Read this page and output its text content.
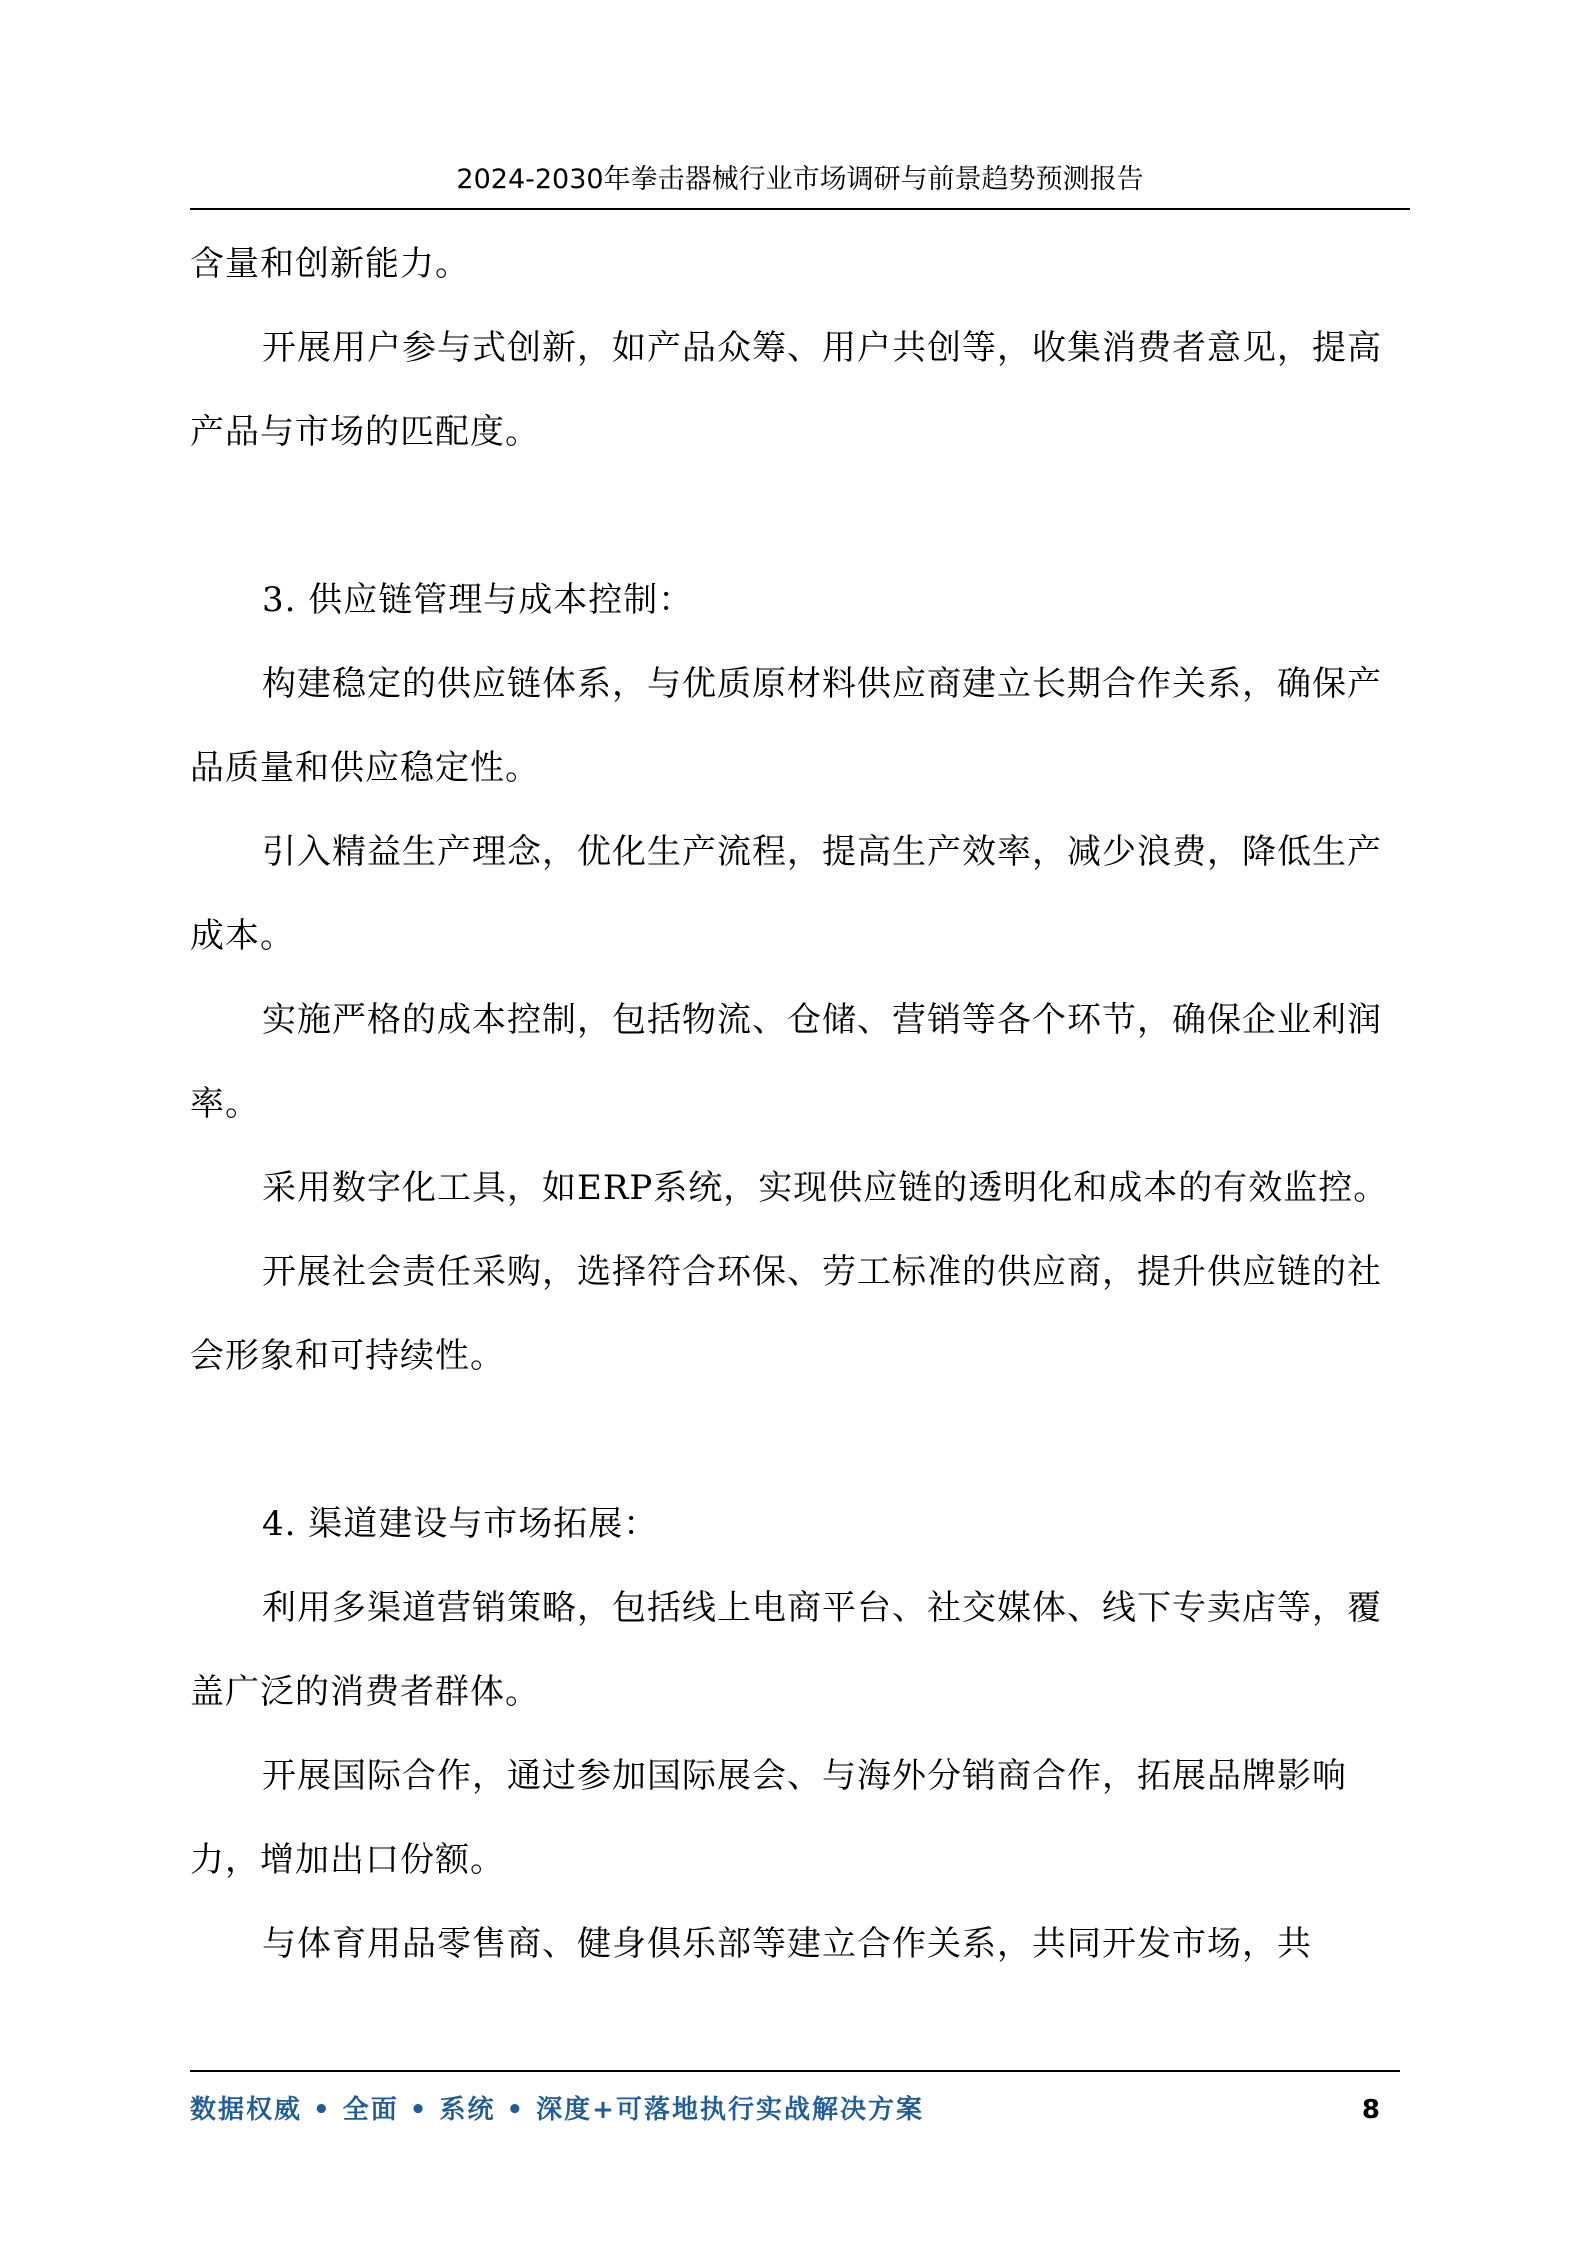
2024-2030年拳击器械行业市场调研与前景趋势预测报告

含量和创新能力。

开展用户参与式创新，如产品众筹、用户共创等，收集消费者意见，提高产品与市场的匹配度。

3. 供应链管理与成本控制：

构建稳定的供应链体系，与优质原材料供应商建立长期合作关系，确保产品质量和供应稳定性。

引入精益生产理念，优化生产流程，提高生产效率，减少浪费，降低生产成本。

实施严格的成本控制，包括物流、仓储、营销等各个环节，确保企业利润率。

采用数字化工具，如ERP系统，实现供应链的透明化和成本的有效监控。

开展社会责任采购，选择符合环保、劳工标准的供应商，提升供应链的社会形象和可持续性。

4. 渠道建设与市场拓展：

利用多渠道营销策略，包括线上电商平台、社交媒体、线下专卖店等，覆盖广泛的消费者群体。

开展国际合作，通过参加国际展会、与海外分销商合作，拓展品牌影响力，增加出口份额。

与体育用品零售商、健身俱乐部等建立合作关系，共同开发市场，共

数据权威 • 全面 • 系统 • 深度+可落地执行实战解决方案	8
